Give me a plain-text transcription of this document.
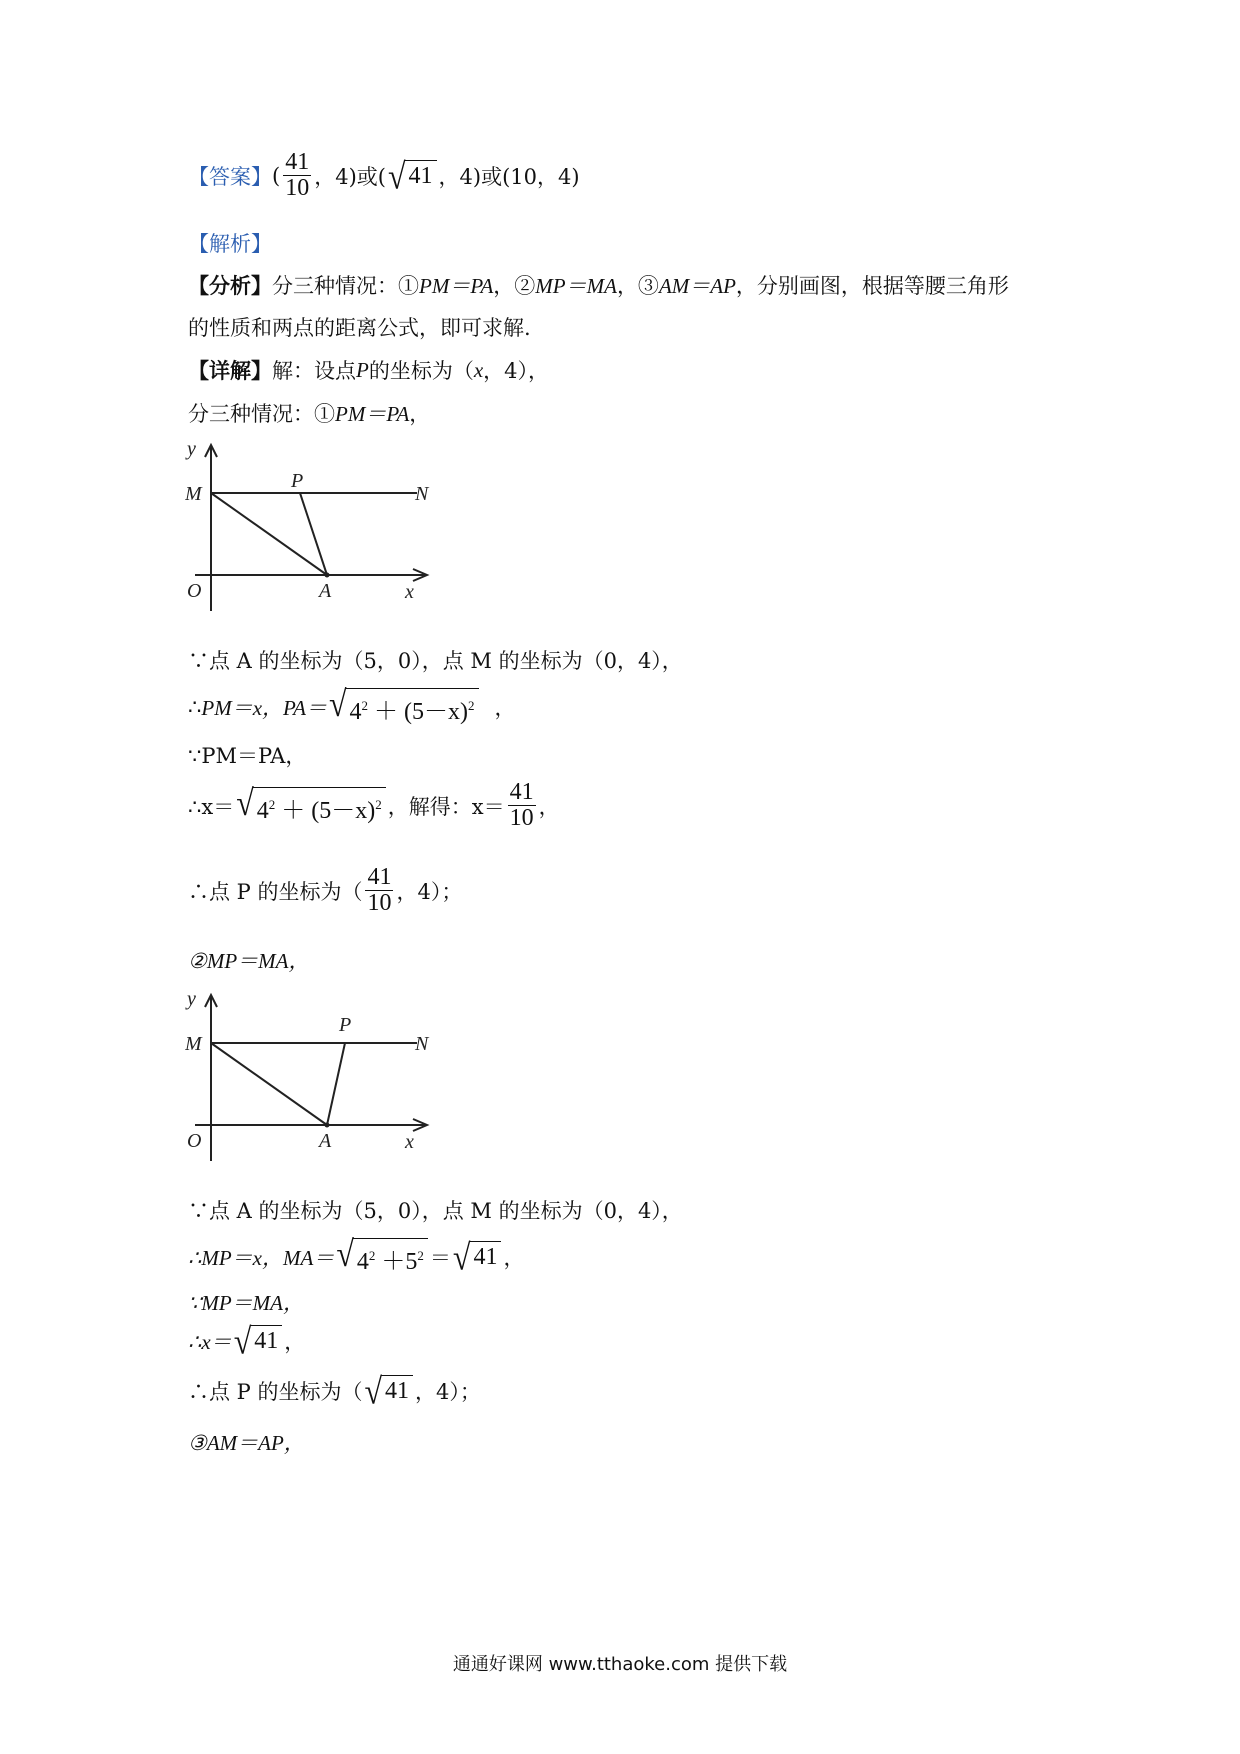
【答案】 ( $\frac{41}{10}$ ，4)或( √ 41 ，4)或(10，4)
【解析】
【分析】 分三种情况：① PM＝PA ，② MP＝MA ，③ AM＝AP ，分别画图，根据等腰三角形
的性质和两点的距离公式，即可求解.
【详解】 解：设点 P 的坐标为（ x ，4），
分三种情况：① PM＝PA ，
y
M
O
P
N
A	x
∵点 A 的坐标为（5，0），点 M 的坐标为（0，4），
∴ PM＝x，PA＝ √ $4^2 + (5-x)^2$ ，
∵PM＝PA，
∴x＝ √ $4^2 + (5-x)^2$ ，解得：$x= \frac{41}{10}$ ，
∴点 P 的坐标为（ $\frac{41}{10}$ ，4）；
②MP＝MA，
y
M
O
P
N
A	x
∵点 A 的坐标为（5，0），点 M 的坐标为（0，4），
∴MP＝x，MA＝ √ $4^2 +5^2$ ＝ √ 41 ，
∵MP＝MA，
∴x＝ √ 41 ，
∴点 P 的坐标为（ √ 41 ，4）；
③AM＝AP，
通通好课网 www.tthaoke.com 提供下载
